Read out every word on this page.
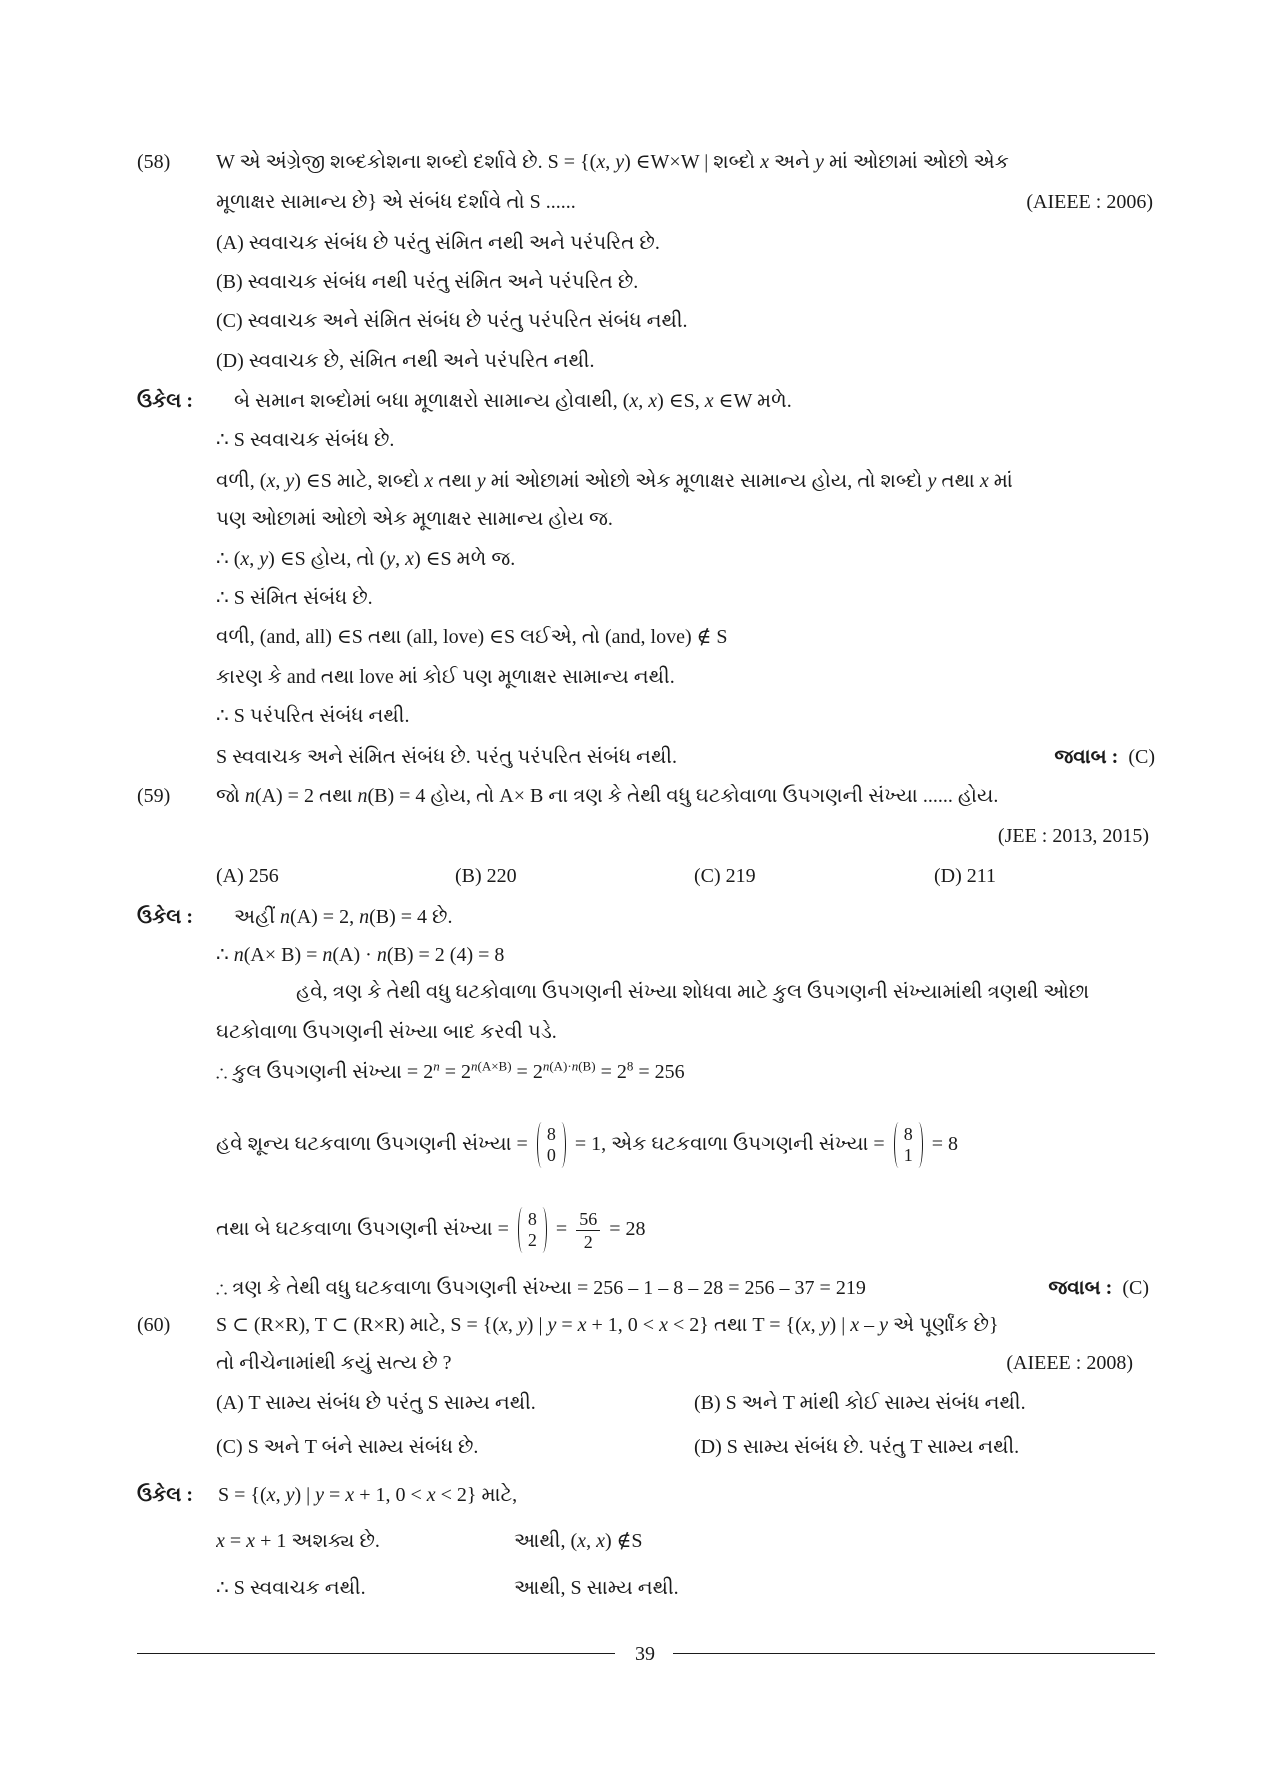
(58)	W એ અંગ્રેજી શબ્દકોશના શબ્દો દર્શાવે છે. S = {(x, y) ∈W×W | શબ્દો x અને y માં ઓછામાં ઓછો એક
મૂળાક્ષર સામાન્ય છે} એ સંબંધ દર્શાવે તો S ......	(AIEEE : 2006)
(A) સ્વવાચક સંબંધ છે પરંતુ સંમિત નથી અને પરંપરિત છે.
(B) સ્વવાચક સંબંધ નથી પરંતુ સંમિત અને પરંપરિત છે.
(C) સ્વવાચક અને સંમિત સંબંધ છે પરંતુ પરંપરિત સંબંધ નથી.
(D) સ્વવાચક છે, સંમિત નથી અને પરંપરિત નથી.
ઉકેલ :	બે સમાન શબ્દોમાં બધા મૂળાક્ષરો સામાન્ય હોવાથી, (x, x) ∈S, x ∈W મળે.
∴ S સ્વવાચક સંબંધ છે.
વળી, (x, y) ∈S માટે, શબ્દો x તથા y માં ઓછામાં ઓછો એક મૂળાક્ષર સામાન્ય હોય, તો શબ્દો y તથા x માં
પણ ઓછામાં ઓછો એક મૂળાક્ષર સામાન્ય હોય જ.
∴ (x, y) ∈S હોય, તો (y, x) ∈S મળે જ.
∴ S સંમિત સંબંધ છે.
વળી, (and, all) ∈S તથા (all, love) ∈S લઈએ, તો (and, love) ∉ S
કારણ કે and તથા love માં કોઈ પણ મૂળાક્ષર સામાન્ય નથી.
∴ S પરંપરિત સંબંધ નથી.
S સ્વવાચક અને સંમિત સંબંધ છે. પરંતુ પરંપરિત સંબંધ નથી.	જવાબ : (C)
(59)	જો n(A) = 2 તથા n(B) = 4 હોય, તો A× B ના ત્રણ કે તેથી વધુ ઘટકોવાળા ઉપગણની સંખ્યા ...... હોય.
(JEE : 2013, 2015)
(A) 256	(B) 220	(C) 219	(D) 211
ઉકેલ :	અહીં n(A) = 2, n(B) = 4 છે.
∴ n(A× B) = n(A) · n(B) = 2 (4) = 8
હવે, ત્રણ કે તેથી વધુ ઘટકોવાળા ઉપગણની સંખ્યા શોધવા માટે કુલ ઉપગણની સંખ્યામાંથી ત્રણથી ઓછા
ઘટકોવાળા ઉપગણની સંખ્યા બાદ કરવી પડે.
∴ કુલ ઉપગણની સંખ્યા = $2^n = 2^{n(A\times B)} = 2^{n(A)\cdot n(B)} = 2^8 = 256$
હવે શૂન્ય ઘટકવાળા ઉપગણની સંખ્યા = 8
0
= 1, એક ઘટકવાળા ઉપગણની સંખ્યા = 8
1
= 8
તથા બે ઘટકવાળા ઉપગણની સંખ્યા = 8
2
= $\frac{56}{2} = 28$
∴ ત્રણ કે તેથી વધુ ઘટકવાળા ઉપગણની સંખ્યા = 256 – 1 – 8 – 28 = 256 – 37 = 219	જવાબ : (C)
(60)	S ⊂ (R×R), T ⊂ (R×R) માટે, S = {(x, y) | y = x + 1, 0 < x < 2} તથા T = {(x, y) | x – y એ પૂર્ણાંક છે}
તો નીચેનામાંથી કયું સત્ય છે ?	(AIEEE : 2008)
(A) T સામ્ય સંબંધ છે પરંતુ S સામ્ય નથી.	(B) S અને T માંથી કોઈ સામ્ય સંબંધ નથી.
(C) S અને T બંને સામ્ય સંબંધ છે.	(D) S સામ્ય સંબંધ છે. પરંતુ T સામ્ય નથી.
ઉકેલ :	S = {(x, y) | y = x + 1, 0 < x < 2} માટે,
x = x + 1 અશક્ય છે.	આથી, (x, x) ∉S
∴ S સ્વવાચક નથી.	આથી, S સામ્ય નથી.
39
